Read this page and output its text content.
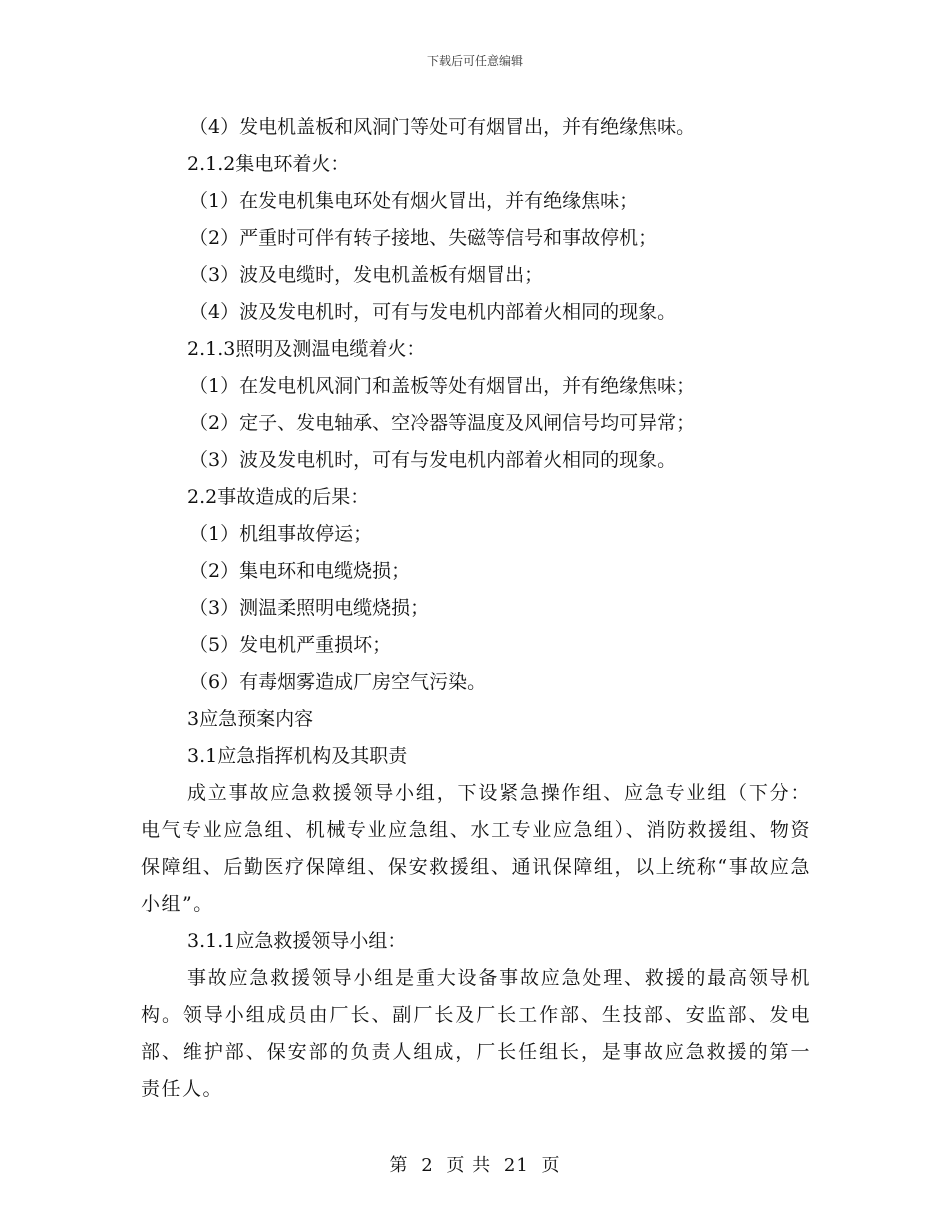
下载后可任意编辑
（4）发电机盖板和风洞门等处可有烟冒出，并有绝缘焦味。
2.1.2集电环着火：
（1）在发电机集电环处有烟火冒出，并有绝缘焦味；
（2）严重时可伴有转子接地、失磁等信号和事故停机；
（3）波及电缆时，发电机盖板有烟冒出；
（4）波及发电机时，可有与发电机内部着火相同的现象。
2.1.3照明及测温电缆着火：
（1）在发电机风洞门和盖板等处有烟冒出，并有绝缘焦味；
（2）定子、发电轴承、空冷器等温度及风闸信号均可异常；
（3）波及发电机时，可有与发电机内部着火相同的现象。
2.2事故造成的后果：
（1）机组事故停运；
（2）集电环和电缆烧损；
（3）测温柔照明电缆烧损；
（5）发电机严重损坏；
（6）有毒烟雾造成厂房空气污染。
3应急预案内容
3.1应急指挥机构及其职责

成立事故应急救援领导小组，下设紧急操作组、应急专业组（下分：电气专业应急组、机械专业应急组、水工专业应急组）、消防救援组、物资保障组、后勤医疗保障组、保安救援组、通讯保障组，以上统称“事故应急小组”。

3.1.1应急救援领导小组：

事故应急救援领导小组是重大设备事故应急处理、救援的最高领导机构。领导小组成员由厂长、副厂长及厂长工作部、生技部、安监部、发电部、维护部、保安部的负责人组成，厂长任组长，是事故应急救援的第一责任人。

第 2 页 共 21 页
